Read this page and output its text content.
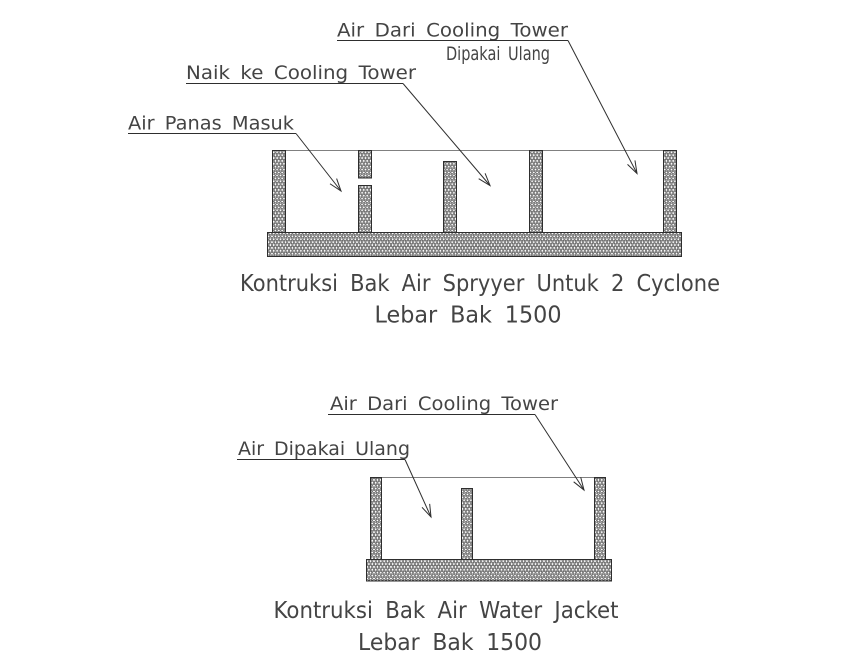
Air Dari Cooling Tower
Dipakai Ulang
Naik ke Cooling Tower
Air Panas Masuk
Kontruksi Bak Air Spryyer Untuk 2 Cyclone
Lebar Bak 1500
Air Dari Cooling Tower
Air Dipakai Ulang
Kontruksi Bak Air Water Jacket
Lebar Bak 1500
